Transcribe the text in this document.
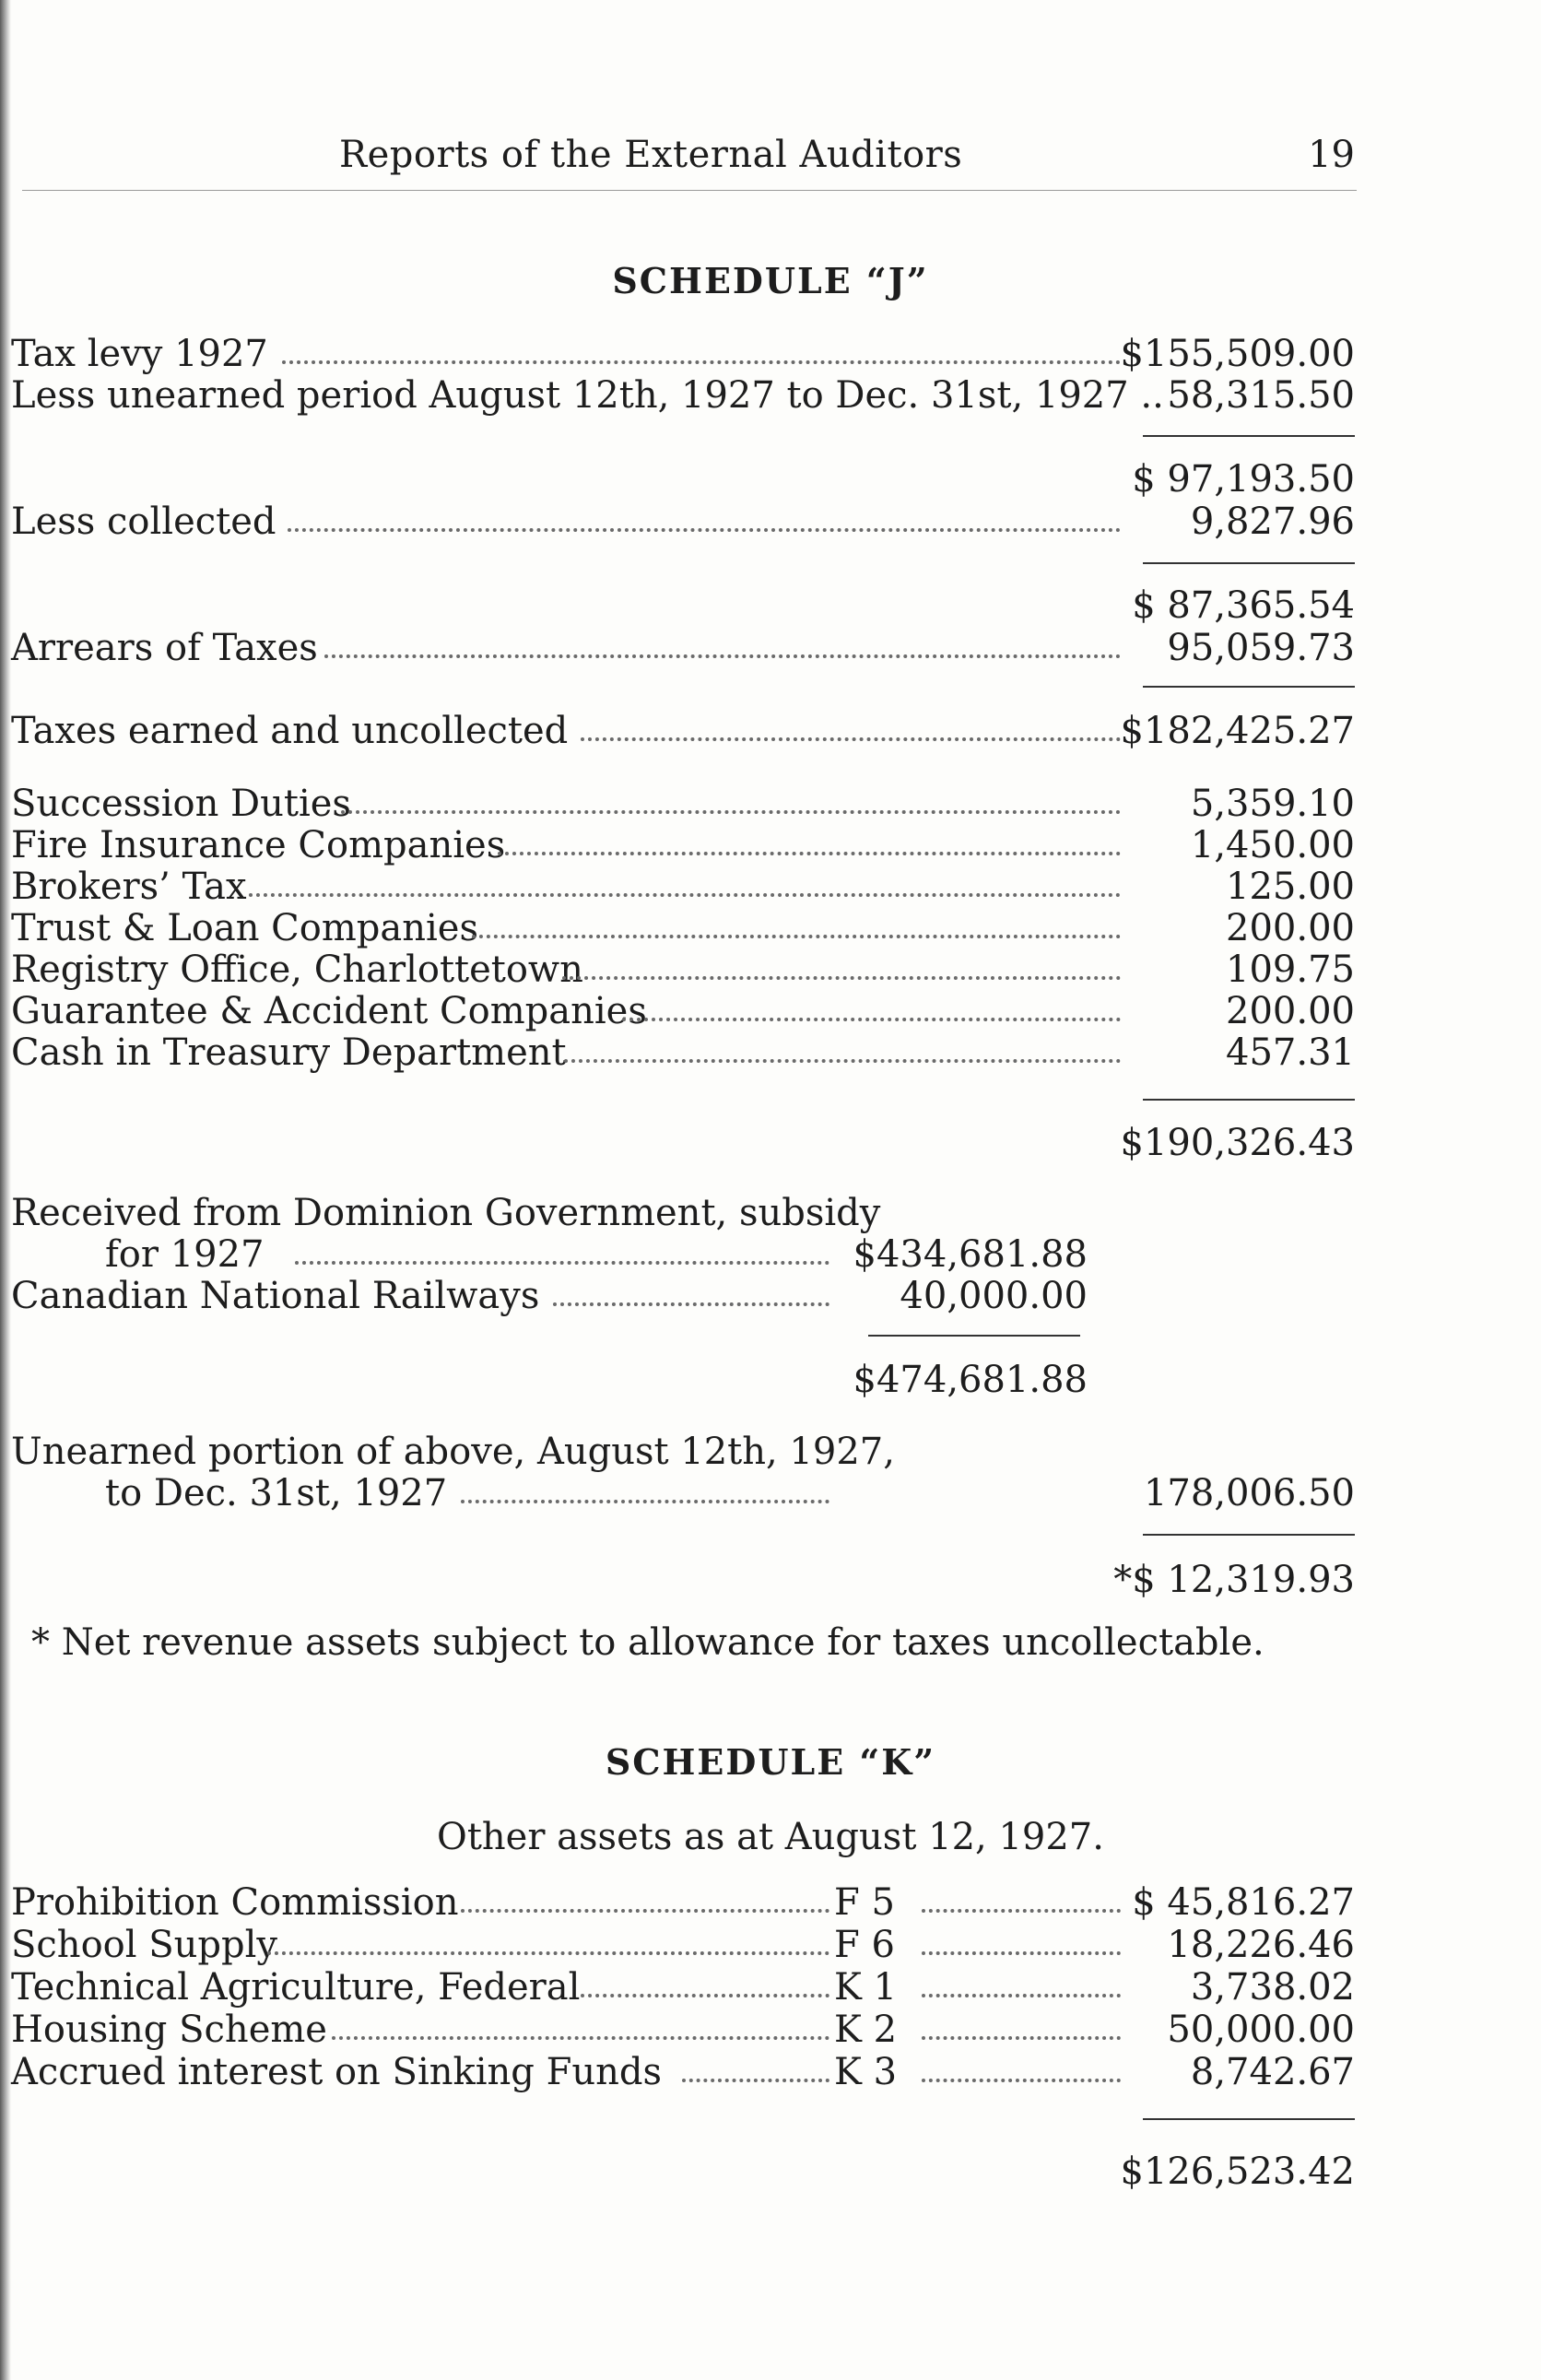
Reports of the External Auditors	19
SCHEDULE “J”
Tax levy 1927	$155,509.00
Less unearned period August 12th, 1927 to Dec. 31st, 1927 .. 58,315.50
$ 97,193.50
Less collected	9,827.96
$ 87,365.54
Arrears of Taxes	95,059.73
Taxes earned and uncollected	$182,425.27
Succession Duties	5,359.10
Fire Insurance Companies	1,450.00
Brokers’ Tax	125.00
Trust & Loan Companies	200.00
Registry Office, Charlottetown	109.75
Guarantee & Accident Companies	200.00
Cash in Treasury Department	457.31
$190,326.43
Received from Dominion Government, subsidy
for 1927	$434,681.88
Canadian National Railways	40,000.00
$474,681.88
Unearned portion of above, August 12th, 1927,
to Dec. 31st, 1927	178,006.50
*$ 12,319.93
* Net revenue assets subject to allowance for taxes uncollectable.
SCHEDULE “K”
Other assets as at August 12, 1927.
Prohibition Commission	F 5	$ 45,816.27
School Supply	F 6	18,226.46
Technical Agriculture, Federal	K 1	3,738.02
Housing Scheme	K 2	50,000.00
Accrued interest on Sinking Funds	K 3	8,742.67
$126,523.42
